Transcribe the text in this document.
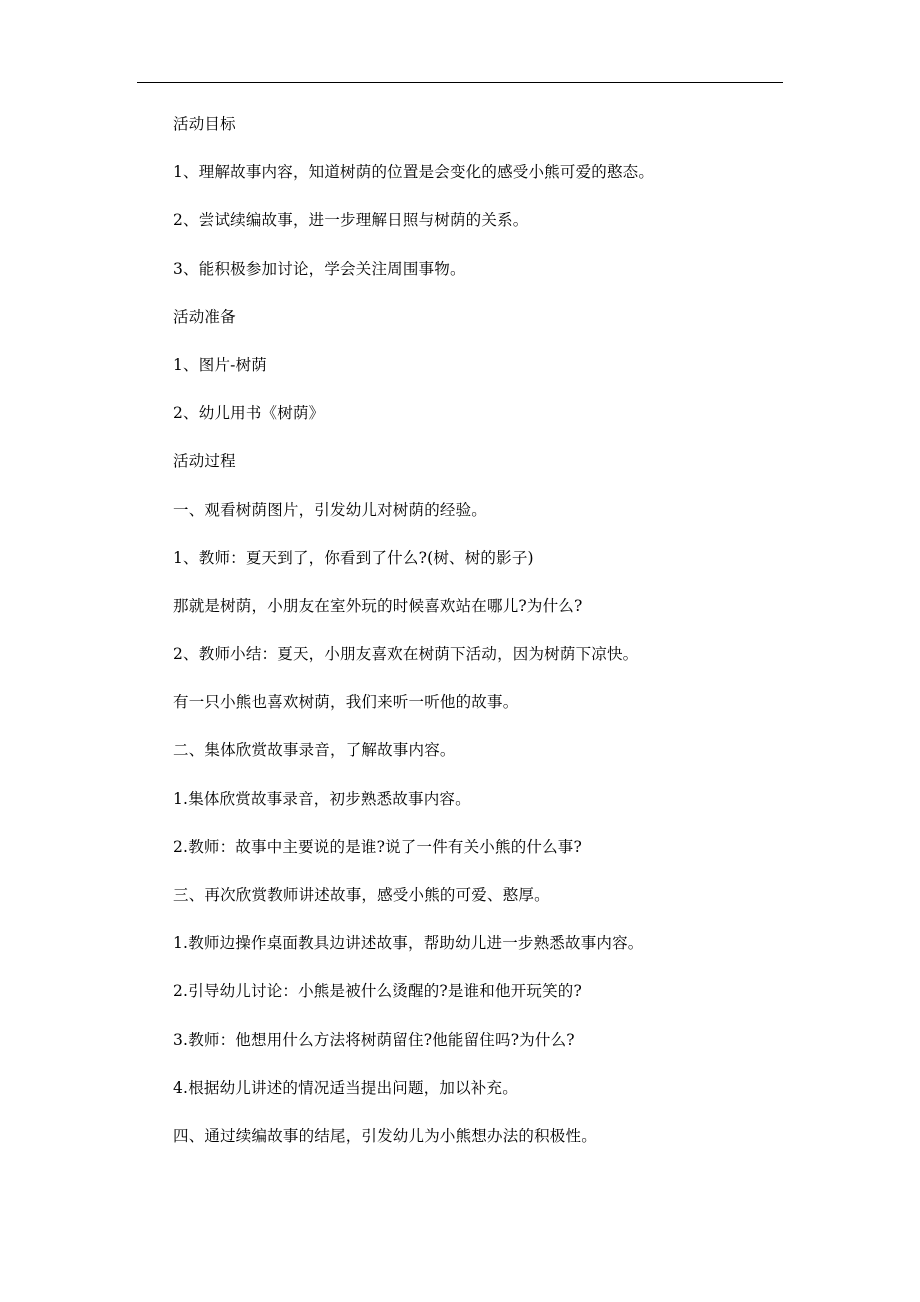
活动目标

1、理解故事内容，知道树荫的位置是会变化的感受小熊可爱的憨态。

2、尝试续编故事，进一步理解日照与树荫的关系。

3、能积极参加讨论，学会关注周围事物。

活动准备

1、图片-树荫

2、幼儿用书《树荫》

活动过程

一、观看树荫图片，引发幼儿对树荫的经验。

1、教师：夏天到了，你看到了什么?(树、树的影子)

那就是树荫，小朋友在室外玩的时候喜欢站在哪儿?为什么?

2、教师小结：夏天，小朋友喜欢在树荫下活动，因为树荫下凉快。

有一只小熊也喜欢树荫，我们来听一听他的故事。

二、集体欣赏故事录音，了解故事内容。

1.集体欣赏故事录音，初步熟悉故事内容。

2.教师：故事中主要说的是谁?说了一件有关小熊的什么事?

三、再次欣赏教师讲述故事，感受小熊的可爱、憨厚。

1.教师边操作桌面教具边讲述故事，帮助幼儿进一步熟悉故事内容。

2.引导幼儿讨论：小熊是被什么烫醒的?是谁和他开玩笑的?

3.教师：他想用什么方法将树荫留住?他能留住吗?为什么?

4.根据幼儿讲述的情况适当提出问题，加以补充。

四、通过续编故事的结尾，引发幼儿为小熊想办法的积极性。
